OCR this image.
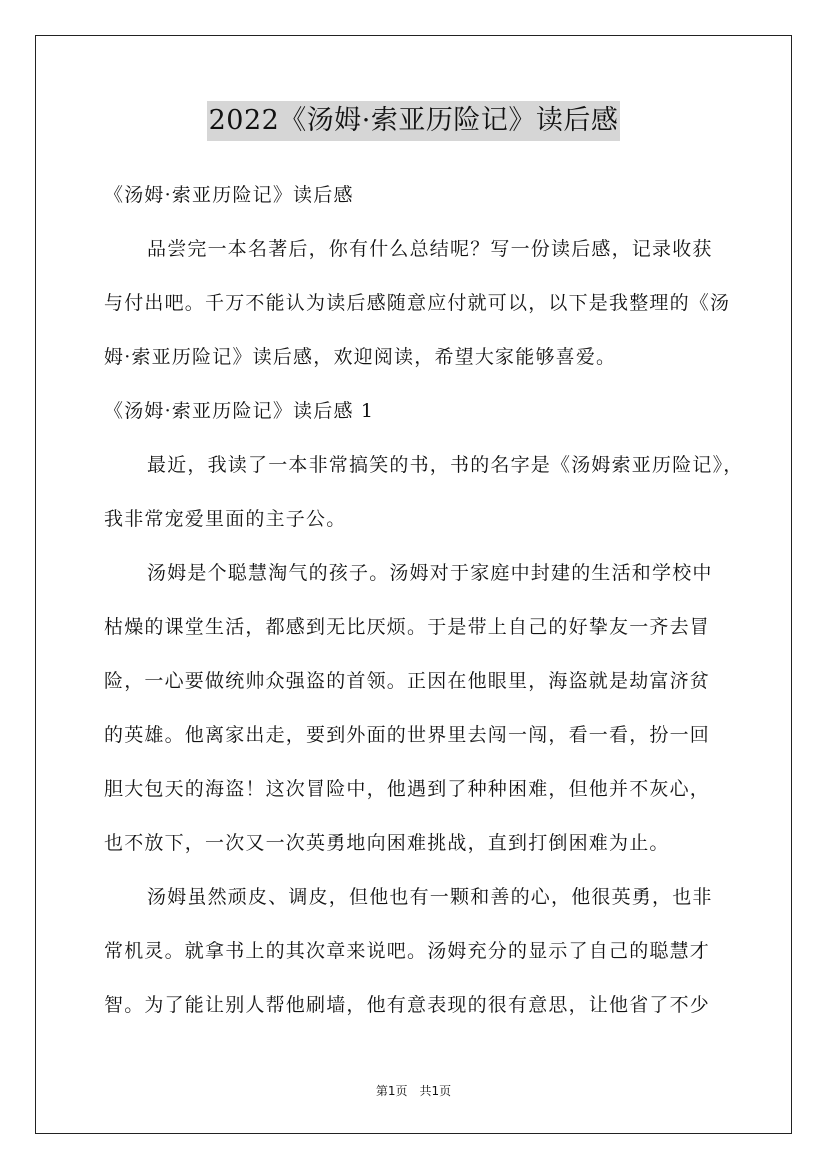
2022《汤姆·索亚历险记》读后感
《汤姆·索亚历险记》读后感
品尝完一本名著后，你有什么总结呢？写一份读后感，记录收获
与付出吧。千万不能认为读后感随意应付就可以，以下是我整理的《汤
姆·索亚历险记》读后感，欢迎阅读，希望大家能够喜爱。
《汤姆·索亚历险记》读后感 1
最近，我读了一本非常搞笑的书，书的名字是《汤姆索亚历险记》，
我非常宠爱里面的主子公。
汤姆是个聪慧淘气的孩子。汤姆对于家庭中封建的生活和学校中
枯燥的课堂生活，都感到无比厌烦。于是带上自己的好挚友一齐去冒
险，一心要做统帅众强盗的首领。正因在他眼里，海盗就是劫富济贫
的英雄。他离家出走，要到外面的世界里去闯一闯，看一看，扮一回
胆大包天的海盗！这次冒险中，他遇到了种种困难，但他并不灰心，
也不放下，一次又一次英勇地向困难挑战，直到打倒困难为止。
汤姆虽然顽皮、调皮，但他也有一颗和善的心，他很英勇，也非
常机灵。就拿书上的其次章来说吧。汤姆充分的显示了自己的聪慧才
智。为了能让别人帮他刷墙，他有意表现的很有意思，让他省了不少
第1页　共1页
